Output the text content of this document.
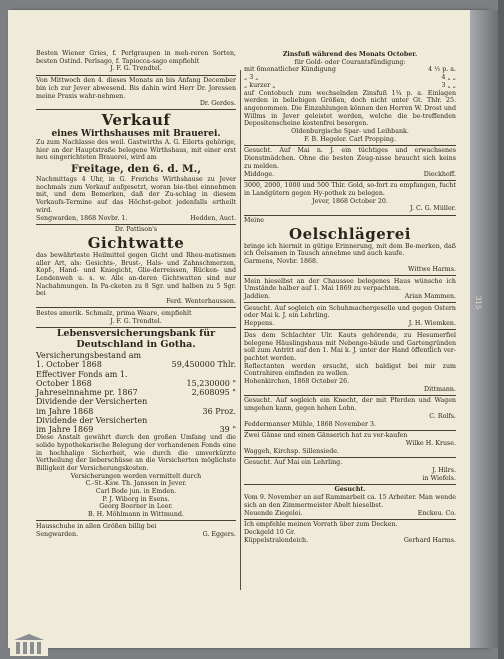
Besten Wiener Gries, f. Perlgraupen in meh-reren Sorten, besten Ostind. Perlsago, f. Tapiocca-sago empfiehlt

J. F. G. Trendtel.

Von Mittwoch den 4. dieses Monats an bis Anfang December bin ich zur Jever abwesend. Bis dahin wird Herr Dr. Joressen meine Praxis wahr-nehmen.

Dr. Gerdes.

Verkauf

eines Wirthshauses mit Brauerei.

Zu zum Nachlasse des weil. Gastwirths A. G. Eilerts gehörige, hier an der Hauptstraße belegene Wirthshaus, mit einer erst neu eingerichteten Brauerei, wird am

Freitage, den 6. d. M.,

Nachmittags 4 Uhr, in G. Frerichs Wirthshause zu Jever nochmals zum Verkauf aufgesetzt, woran bie-thei einnehmen mit, und dem Bemerken, daß der Zu-schlag in diesem Verkaufs-Termine auf das Höchst-gebot jedenfalls ertheilt wird.

Sengwarden, 1868 Novbr. 1.	Hedden, Auct.

Dr. Pattison's

Gichtwatte

das bewährteste Heilmittel gegen Gicht und Rheu-matismen aller Art, als: Gesichts-, Brust-, Hals- und Zahnschmerzen, Kopf-, Hand- und Kniegicht, Glie-derreissen, Rücken- und Lendenweh u. s. w. Alle an-deren Gichtwatten sind nur Nachahmungen. In Pa-cketen zu 8 Sgr. und halben zu 5 Sgr. bei

Ferd. Wenterhaussen.

Bestes amerik. Schmalz, prima Waare, empfiehlt

J. F. G. Trendtel.

Lebensversicherungsbank für Deutschland in Gotha.

Versicherungsbestand am
1. October 1868	59,450000 Thlr.
Effectiver Fonds am 1.
October 1868	15,230000 "
Jahreseinnahme pr. 1867	2,608095 "
Dividende der Versicherten
im Jahre 1868	36 Proz.
Dividende der Versicherten
im Jahre 1869	39 "

Diese Anstalt gewährt durch den großen Umfang und die solide hypothekarische Belegung der vorhandenen Fonds eine in hochhalige Sicherheit, wie durch die umverkürzte Vertheilung der lieberschüsse an die Versicherten möglichste Billigkeit der Versicherungskosten.

Versicherungen werden vermittelt durch

C.-St.-Ksw. Th. Janssen in Jever.

Carl Bode jun. in Emden.

P. J. Wiborg in Esens.

Georg Boerner in Leer.

B. H. Möhlmann in Wittmund.

Hausschuhe in allen Größen billig bei

Sengwarden.	G. Eggers.

Zinsfuß während des Monats October.

für Gold- oder Courantsfündigung:

mit 6monatlicher Kündigung	4 ½ p. a.
„ 3 „	4 „ „
„ kurzer „	3 „ „

auf Contobuch zum wechselnden Zinsfuß 1¾ p. a. Einlagen werden in beliebigen Größen, doch nicht unter Gt. Thlr. 25. angenommen. Die Einzahlungen können den Herren W. Drost und Willms in Jever geleistet werden, welche die be-treffenden Depositenscheine kostenfrei besorgen.

Oldenburgische Spar- und Leihbank.

F. B. Hegeler. Carl Propping.

Gesucht. Auf Mai n. J. ein tüchtiges und erwachsenes Dienstmädchen. Ohne die besten Zeug-nisse braucht sich keins zu melden.

Middoge.	Dieckhoff.

3000, 2000, 1000 und 500 Thlr. Gold, so-fort zu empfangen, fucht in Landgütern gegen Hy-pothek zu belegen.

Jever, 1868 October 20.

J. C. G. Müller.

Meine

Oelschlägerei

bringe ich hiermit in gütige Erinnerung, mit dem Be-merken, daß ich Oelsamen in Tausch annehme und auch kaufe.

Garmens, Novbr. 1868.

Wittwe Harms.

Mein hieselbst an der Chaussee belegenes Haus wünsche ich Umstände halber auf 1. Mai 1869 zu verpachten.

Jaddien.	Arian Mammen.

Gesucht. Auf sogleich ein Schuhmachergeselle und gegen Ostern oder Mai k. J. ein Lehrling.

Heppens.	J. H. Wiemken.

Das dem Schlachter Ulr. Kauts gehörende, zu Hesumerfiel belegene Häuslingshaus mit Nebenge-bäude und Gartengründen soll zum Antritt auf den 1. Mai k. J. unter der Hand öffentlich ver-pachtet werden.

Reflectanten werden ersucht, sich baldigst bei mir zum Contrahiren einfinden zu wollen.

Hohenkirchen, 1868 October 26.

Dittmann.

Gesucht. Auf sogleich ein Knecht, der mit Pferden und Wagen umgehen kann, gegen hohen Lohn.

C. Rolfs.

Feddermanser Mühle, 1868 November 3.

Zwei Gänse und einen Gänserich hat zu ver-kaufen

Wilke H. Kruse.

Waggeh, Kirchsp. Sillensiede.

Gesucht. Auf Mai ein Lehrling.

J. Hilrs.

in Wiefels.

Gesucht.

Vom 9. November an auf Rammarbeit ca. 15 Arbeiter. Man wende sich an den Zimmermeister Abelt hieselbst.

Neuende Ziegelei.	Enckeu. Co.

Ich empfehle meinen Vorrath über zum Decken.

Deckgeld 10 Gr.

Küppelstralendeich.	Gerhard Harms.
315
